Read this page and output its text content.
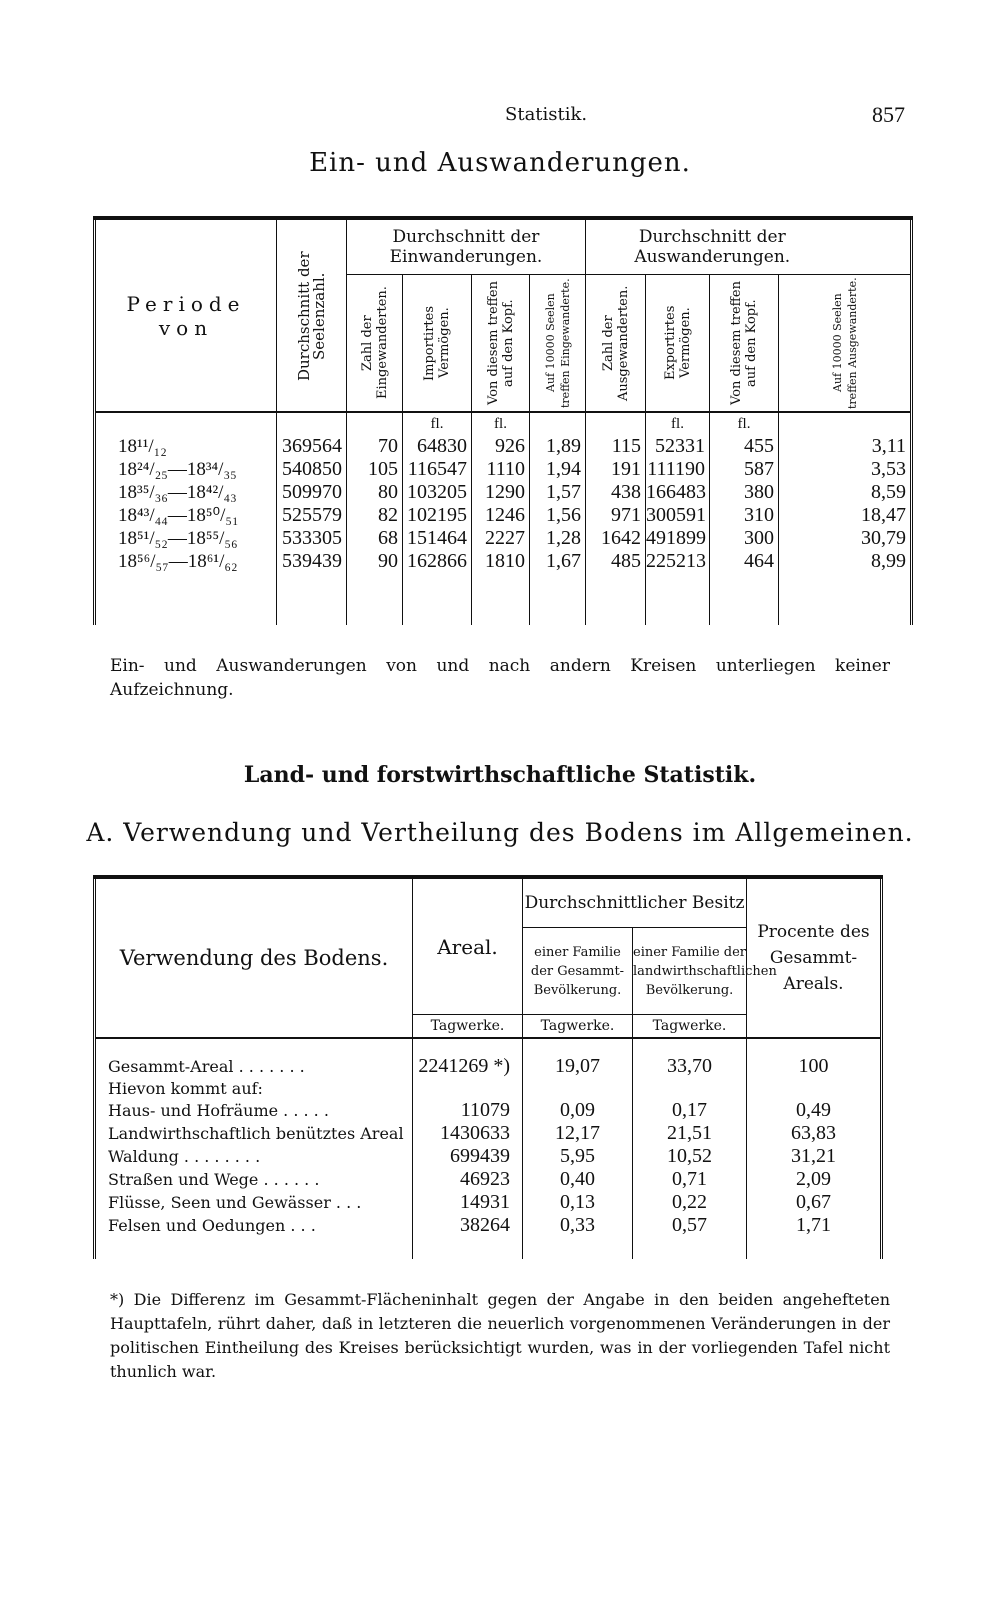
Statistik.	857
Ein- und Auswanderungen.
Periode von	Durchschnitt der Seelenzahl.	Durchschnitt der Einwanderungen.				Durchschnitt der Auswanderungen.				

		Zahl der Eingewanderten.	Importirtes Vermögen.	Von diesem treffen auf den Kopf.	Auf 10000 Seelen treffen Eingewanderte.	Zahl der Ausgewanderten.	Exportirtes Vermögen.	Von diesem treffen auf den Kopf.	Auf 10000 Seelen treffen Ausgewanderte.	

			fl.	fl.			fl.	fl.		
18¹¹/₁₂	369564	70	64830	926	1,89	115	52331	455	3,11	
18²⁴/₂₅—18³⁴/₃₅	540850	105	116547	1110	1,94	191	111190	587	3,53	
18³⁵/₃₆—18⁴²/₄₃	509970	80	103205	1290	1,57	438	166483	380	8,59	
18⁴³/₄₄—18⁵⁰/₅₁	525579	82	102195	1246	1,56	971	300591	310	18,47	
18⁵¹/₅₂—18⁵⁵/₅₆	533305	68	151464	2227	1,28	1642	491899	300	30,79	
18⁵⁶/₅₇—18⁶¹/₆₂	539439	90	162866	1810	1,67	485	225213	464	8,99	

Ein- und Auswanderungen von und nach andern Kreisen unterliegen keiner Aufzeichnung.
Land- und forstwirthschaftliche Statistik.
A. Verwendung und Vertheilung des Bodens im Allgemeinen.
Verwendung des Bodens.	Areal.	Durchschnittlicher Besitz		Procente des Gesammt-Areals.
		einer Familie der Gesammt-Bevölkerung.	einer Familie der landwirthschaftlichen Bevölkerung.	
	Tagwerke.	Tagwerke.	Tagwerke.	

Gesammt-Areal . . . . . . .	2241269 *)	19,07	33,70	100
Hievon kommt auf:				
Haus- und Hofräume . . . . .	11079	0,09	0,17	0,49
Landwirthschaftlich benütztes Areal	1430633	12,17	21,51	63,83
Waldung . . . . . . . .	699439	5,95	10,52	31,21
Straßen und Wege . . . . . .	46923	0,40	0,71	2,09
Flüsse, Seen und Gewässer . . .	14931	0,13	0,22	0,67
Felsen und Oedungen . . .	38264	0,33	0,57	1,71

*) Die Differenz im Gesammt-Flächeninhalt gegen der Angabe in den beiden angehefteten Haupttafeln, rührt daher, daß in letzteren die neuerlich vorgenommenen Veränderungen in der politischen Eintheilung des Kreises berücksichtigt wurden, was in der vorliegenden Tafel nicht thunlich war.
